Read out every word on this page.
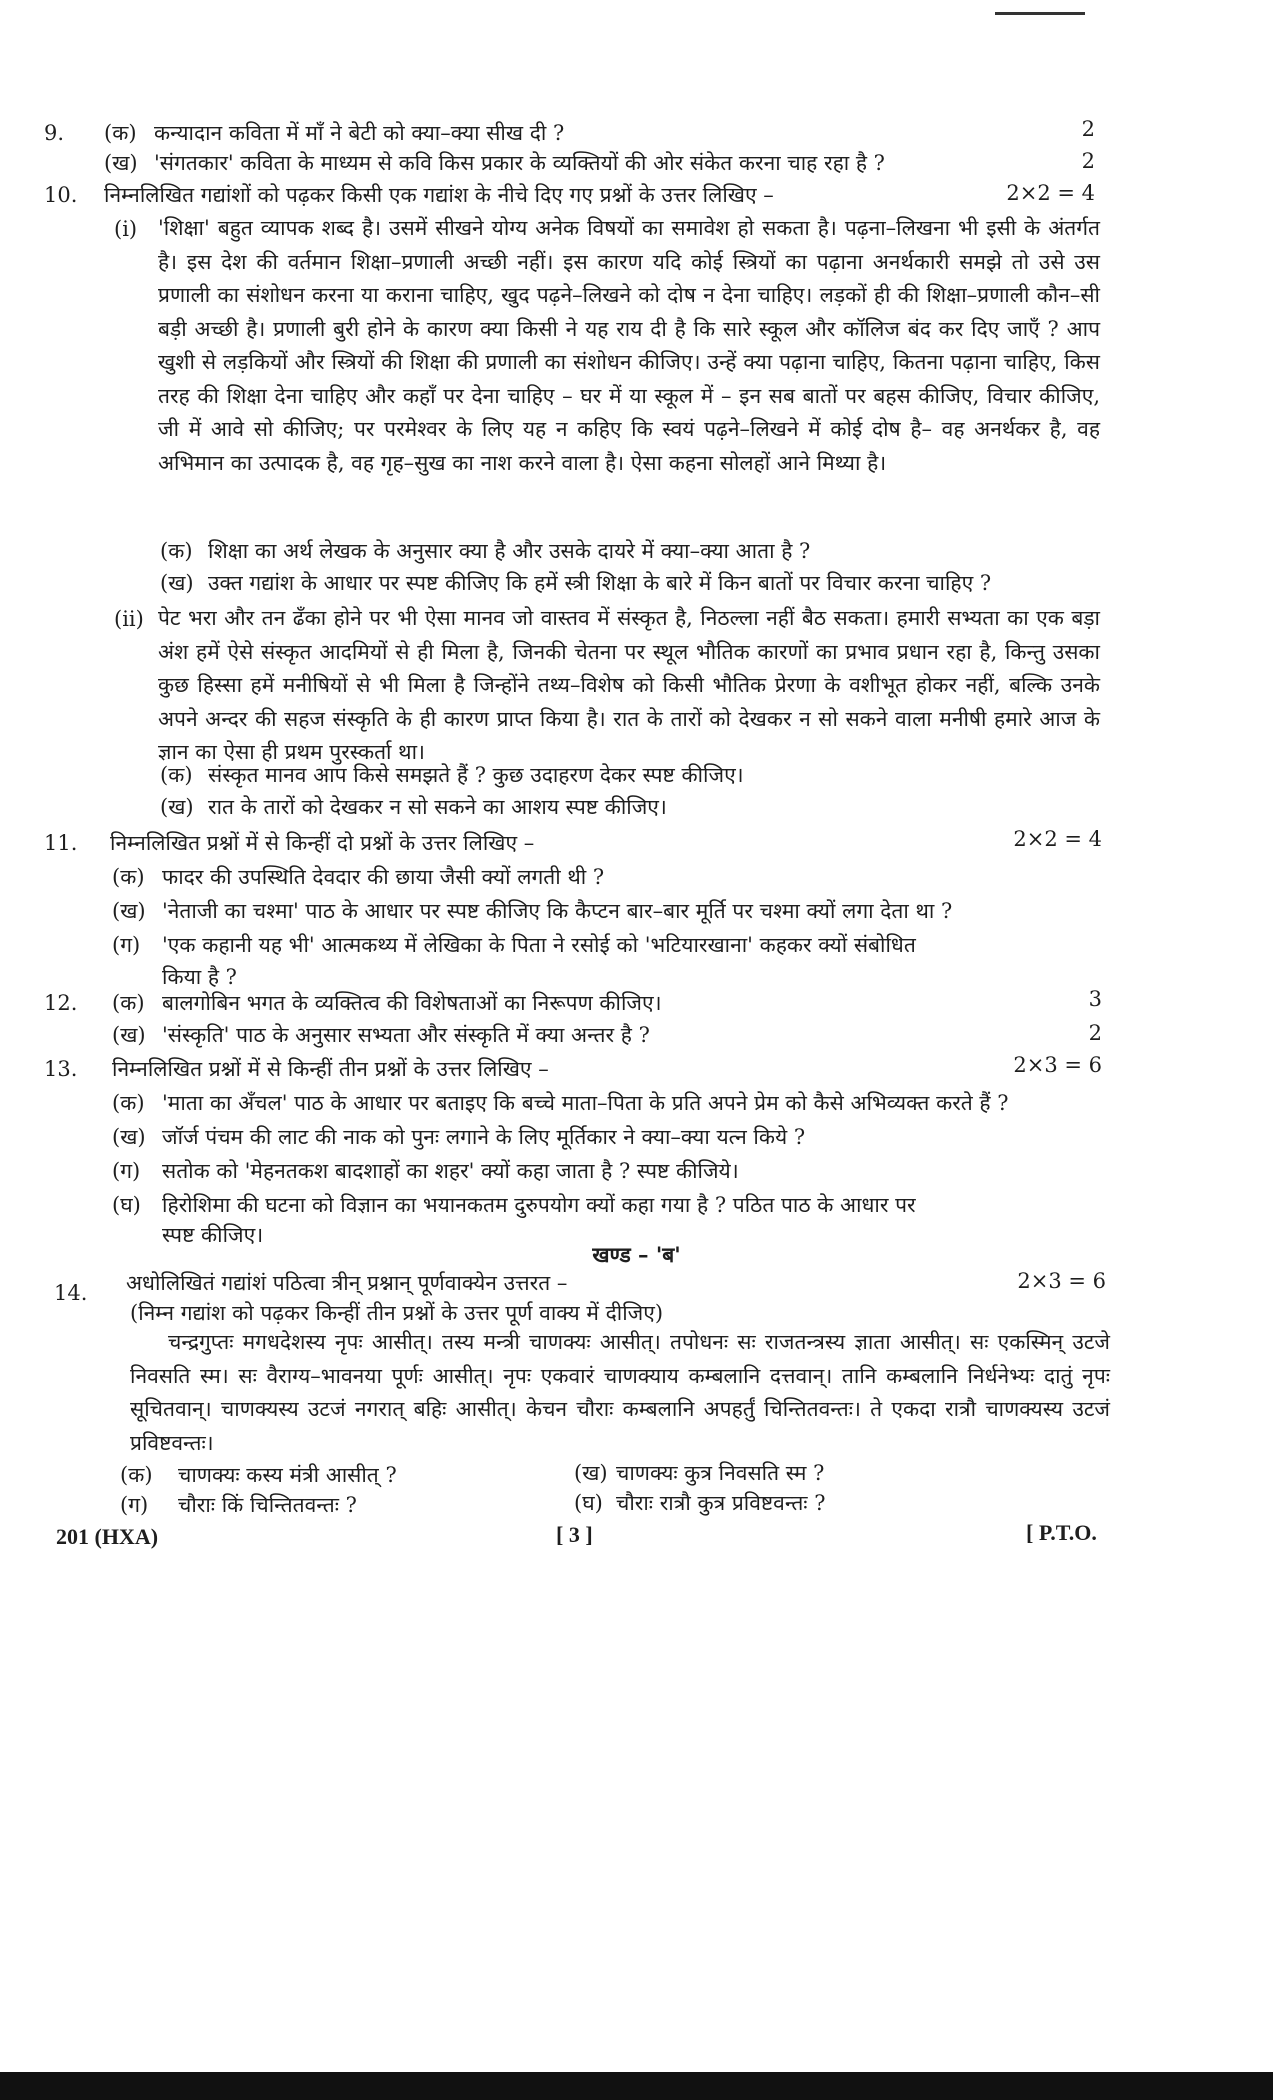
9. (क) कन्यादान कविता में माँ ने बेटी को क्या–क्या सीख दी ?	2
(ख) 'संगतकार' कविता के माध्यम से कवि किस प्रकार के व्यक्तियों की ओर संकेत करना चाह रहा है ?	2
10. निम्नलिखित गद्यांशों को पढ़कर किसी एक गद्यांश के नीचे दिए गए प्रश्नों के उत्तर लिखिए –	2×2 = 4
(i) 'शिक्षा' बहुत व्यापक शब्द है। उसमें सीखने योग्य अनेक विषयों का समावेश हो सकता है। पढ़ना–लिखना भी इसी के अंतर्गत है। इस देश की वर्तमान शिक्षा–प्रणाली अच्छी नहीं। इस कारण यदि कोई स्त्रियों का पढ़ाना अनर्थकारी समझे तो उसे उस प्रणाली का संशोधन करना या कराना चाहिए, खुद पढ़ने–लिखने को दोष न देना चाहिए। लड़कों ही की शिक्षा–प्रणाली कौन–सी बड़ी अच्छी है। प्रणाली बुरी होने के कारण क्या किसी ने यह राय दी है कि सारे स्कूल और कॉलिज बंद कर दिए जाएँ ? आप खुशी से लड़कियों और स्त्रियों की शिक्षा की प्रणाली का संशोधन कीजिए। उन्हें क्या पढ़ाना चाहिए, कितना पढ़ाना चाहिए, किस तरह की शिक्षा देना चाहिए और कहाँ पर देना चाहिए – घर में या स्कूल में – इन सब बातों पर बहस कीजिए, विचार कीजिए, जी में आवे सो कीजिए; पर परमेश्वर के लिए यह न कहिए कि स्वयं पढ़ने–लिखने में कोई दोष है– वह अनर्थकर है, वह अभिमान का उत्पादक है, वह गृह–सुख का नाश करने वाला है। ऐसा कहना सोलहों आने मिथ्या है।
(क) शिक्षा का अर्थ लेखक के अनुसार क्या है और उसके दायरे में क्या–क्या आता है ?
(ख) उक्त गद्यांश के आधार पर स्पष्ट कीजिए कि हमें स्त्री शिक्षा के बारे में किन बातों पर विचार करना चाहिए ?
(ii) पेट भरा और तन ढँका होने पर भी ऐसा मानव जो वास्तव में संस्कृत है, निठल्ला नहीं बैठ सकता। हमारी सभ्यता का एक बड़ा अंश हमें ऐसे संस्कृत आदमियों से ही मिला है, जिनकी चेतना पर स्थूल भौतिक कारणों का प्रभाव प्रधान रहा है, किन्तु उसका कुछ हिस्सा हमें मनीषियों से भी मिला है जिन्होंने तथ्य–विशेष को किसी भौतिक प्रेरणा के वशीभूत होकर नहीं, बल्कि उनके अपने अन्दर की सहज संस्कृति के ही कारण प्राप्त किया है। रात के तारों को देखकर न सो सकने वाला मनीषी हमारे आज के ज्ञान का ऐसा ही प्रथम पुरस्कर्ता था।
(क) संस्कृत मानव आप किसे समझते हैं ? कुछ उदाहरण देकर स्पष्ट कीजिए।
(ख) रात के तारों को देखकर न सो सकने का आशय स्पष्ट कीजिए।
11. निम्नलिखित प्रश्नों में से किन्हीं दो प्रश्नों के उत्तर लिखिए –	2×2 = 4
(क) फादर की उपस्थिति देवदार की छाया जैसी क्यों लगती थी ?
(ख) 'नेताजी का चश्मा' पाठ के आधार पर स्पष्ट कीजिए कि कैप्टन बार–बार मूर्ति पर चश्मा क्यों लगा देता था ?
(ग) 'एक कहानी यह भी' आत्मकथ्य में लेखिका के पिता ने रसोई को 'भटियारखाना' कहकर क्यों संबोधित
किया है ?
12. (क) बालगोबिन भगत के व्यक्तित्व की विशेषताओं का निरूपण कीजिए।	3
(ख) 'संस्कृति' पाठ के अनुसार सभ्यता और संस्कृति में क्या अन्तर है ?	2
13. निम्नलिखित प्रश्नों में से किन्हीं तीन प्रश्नों के उत्तर लिखिए –	2×3 = 6
(क) 'माता का अँचल' पाठ के आधार पर बताइए कि बच्चे माता–पिता के प्रति अपने प्रेम को कैसे अभिव्यक्त करते हैं ?
(ख) जॉर्ज पंचम की लाट की नाक को पुनः लगाने के लिए मूर्तिकार ने क्या–क्या यत्न किये ?
(ग) सतोक को 'मेहनतकश बादशाहों का शहर' क्यों कहा जाता है ? स्पष्ट कीजिये।
(घ) हिरोशिमा की घटना को विज्ञान का भयानकतम दुरुपयोग क्यों कहा गया है ? पठित पाठ के आधार पर
स्पष्ट कीजिए।
खण्ड – 'ब'
14. अधोलिखितं गद्यांशं पठित्वा त्रीन् प्रश्नान् पूर्णवाक्येन उत्तरत –	2×3 = 6
(निम्न गद्यांश को पढ़कर किन्हीं तीन प्रश्नों के उत्तर पूर्ण वाक्य में दीजिए)
चन्द्रगुप्तः मगधदेशस्य नृपः आसीत्। तस्य मन्त्री चाणक्यः आसीत्। तपोधनः सः राजतन्त्रस्य ज्ञाता आसीत्। सः एकस्मिन् उटजे निवसति स्म। सः वैराग्य–भावनया पूर्णः आसीत्। नृपः एकवारं चाणक्याय कम्बलानि दत्तवान्। तानि कम्बलानि निर्धनेभ्यः दातुं नृपः सूचितवान्। चाणक्यस्य उटजं नगरात् बहिः आसीत्। केचन चौराः कम्बलानि अपहर्तुं चिन्तितवन्तः। ते एकदा रात्रौ चाणक्यस्य उटजं प्रविष्टवन्तः।
(क) चाणक्यः कस्य मंत्री आसीत् ?	(ख) चाणक्यः कुत्र निवसति स्म ?
(ग) चौराः किं चिन्तितवन्तः ?	(घ) चौराः रात्रौ कुत्र प्रविष्टवन्तः ?
201 (HXA)	[ 3 ]	[ P.T.O.
